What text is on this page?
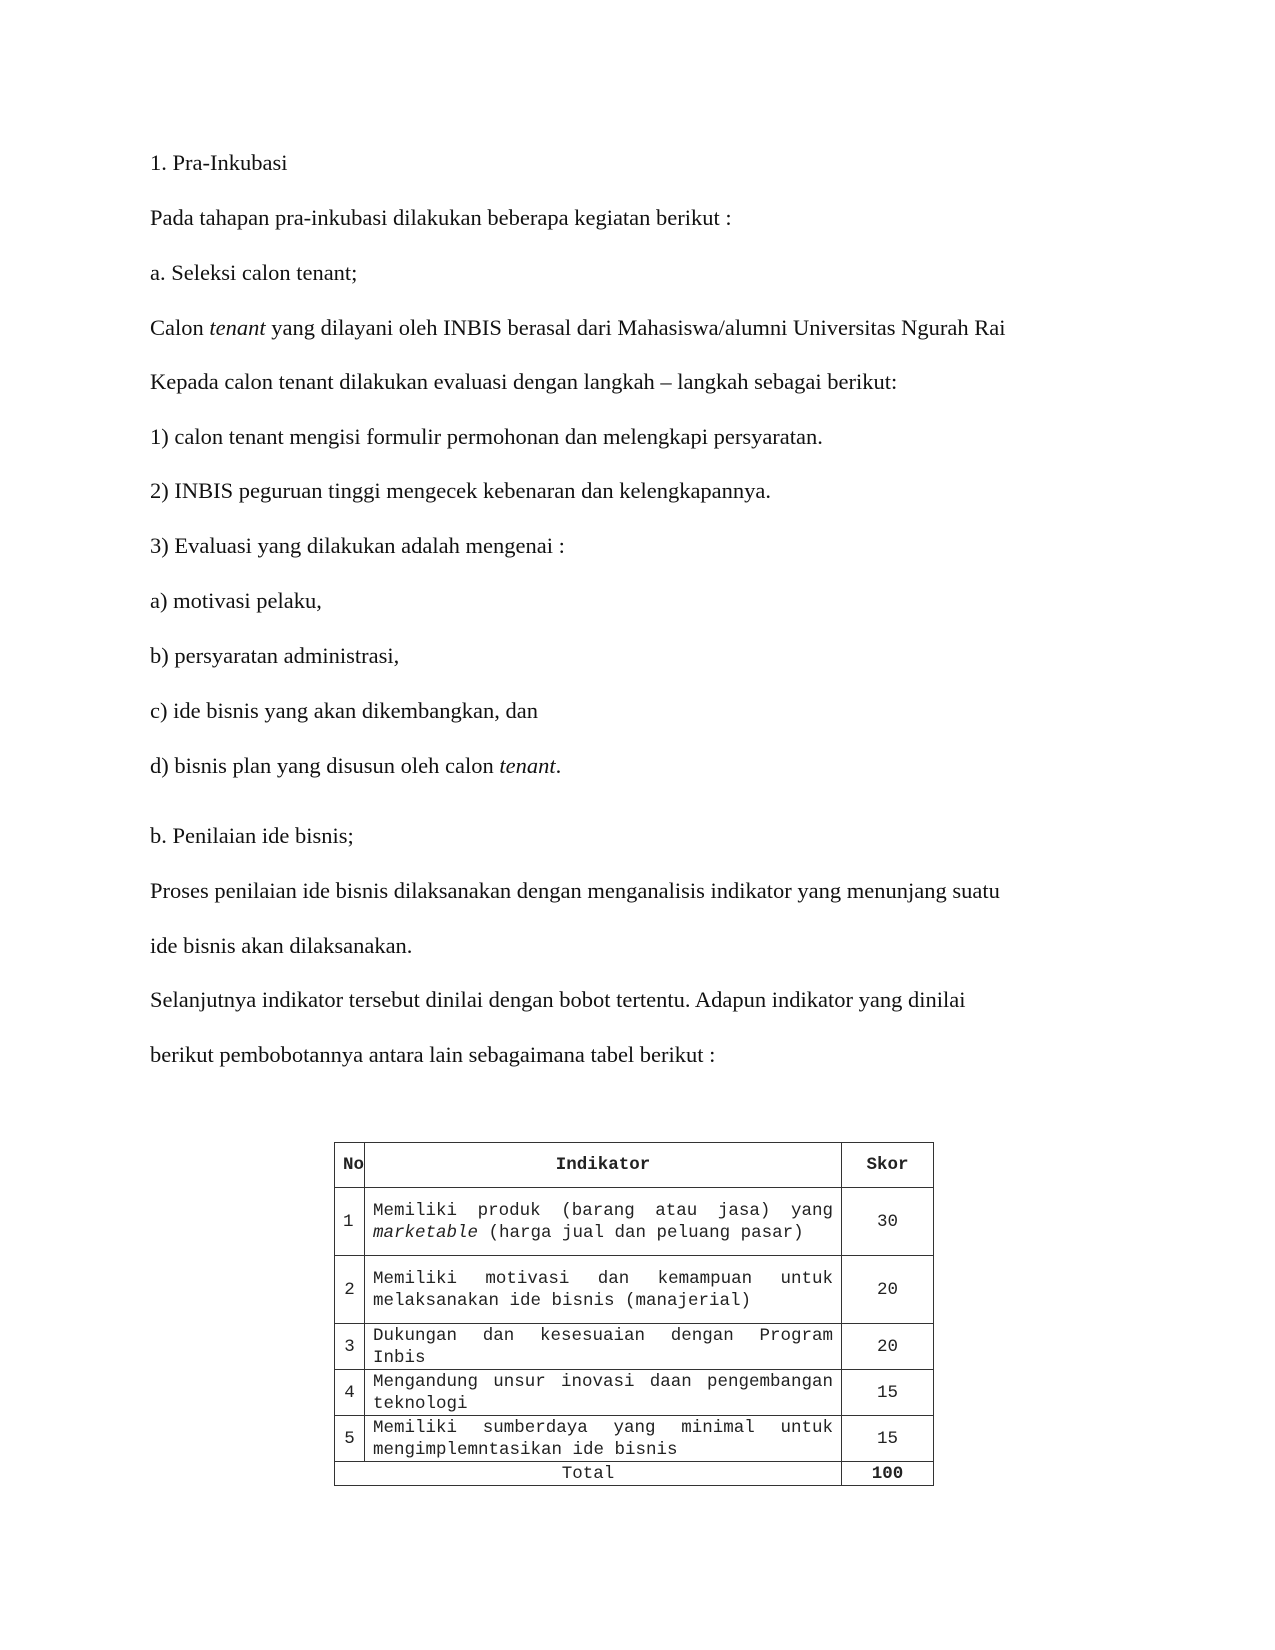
1. Pra-Inkubasi
Pada tahapan pra-inkubasi dilakukan beberapa kegiatan berikut :
a. Seleksi calon tenant;
Calon tenant yang dilayani oleh INBIS berasal dari Mahasiswa/alumni Universitas Ngurah Rai
Kepada calon tenant dilakukan evaluasi dengan langkah – langkah sebagai berikut:
1) calon tenant mengisi formulir permohonan dan melengkapi persyaratan.
2) INBIS peguruan tinggi mengecek kebenaran dan kelengkapannya.
3) Evaluasi yang dilakukan adalah mengenai :
a) motivasi pelaku,
b) persyaratan administrasi,
c) ide bisnis yang akan dikembangkan, dan
d) bisnis plan yang disusun oleh calon tenant.
b. Penilaian ide bisnis;
Proses penilaian ide bisnis dilaksanakan dengan menganalisis indikator yang menunjang suatu
ide bisnis akan dilaksanakan.
Selanjutnya indikator tersebut dinilai dengan bobot tertentu. Adapun indikator yang dinilai
berikut pembobotannya antara lain sebagaimana tabel berikut :
No	Indikator	Skor
1	Memiliki produk (barang atau jasa) yang marketable (harga jual dan peluang pasar)	30
2	Memiliki motivasi dan kemampuan untuk melaksanakan ide bisnis (manajerial)	20
3	Dukungan dan kesesuaian dengan Program Inbis	20
4	Mengandung unsur inovasi daan pengembangan teknologi	15
5	Memiliki sumberdaya yang minimal untuk mengimplemntasikan ide bisnis	15
Total		100
